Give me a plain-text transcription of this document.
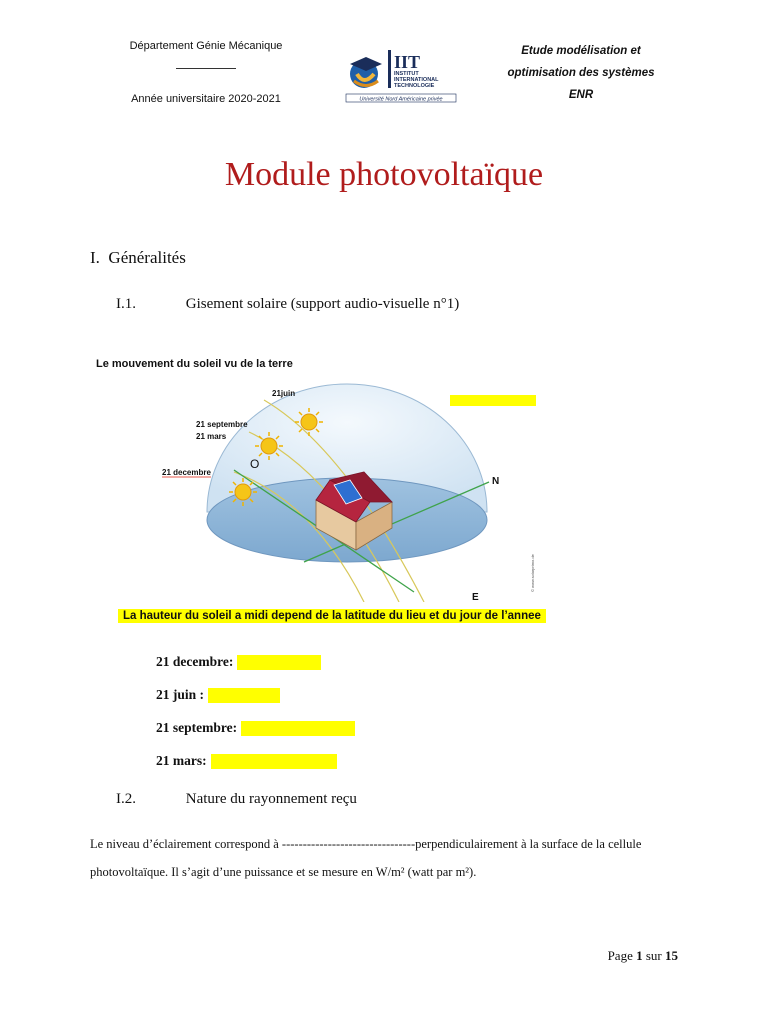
Département Génie Mécanique
Année universitaire 2020-2021
IIT
INSTITUT
INTERNATIONAL
TECHNOLOGIE
Université Nord Américaine privée
Etude modélisation et
optimisation des systèmes
ENR
Module photovoltaïque
I. Généralités
I.1.	Gisement solaire (support audio-visuelle n°1)
Le mouvement du soleil vu de la terre
21juin
21 septembre
21 mars
21 decembre
O
N
E
© www.solarprimo.de
La hauteur du soleil a midi depend de la latitude du lieu et du jour de l’annee
21 decembre:
21 juin :
21 septembre:
21 mars:
I.2.	Nature du rayonnement reçu
Le niveau d’éclairement correspond à --------------------------------perpendiculairement à la surface de la cellule photovoltaïque. Il s’agit d’une puissance et se mesure en W/m² (watt par m²).
Page 1 sur 15
